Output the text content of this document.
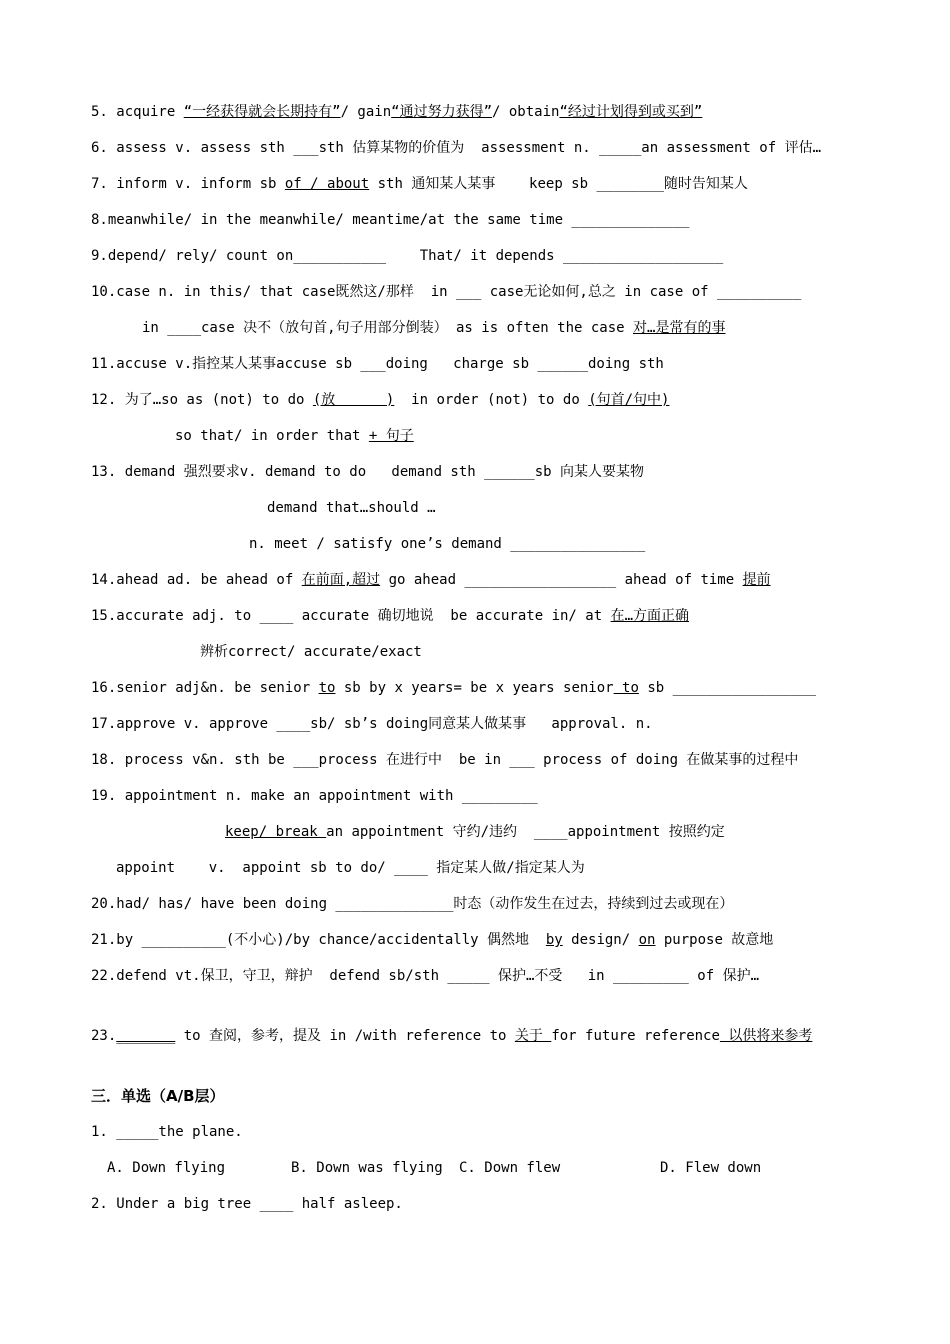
5. acquire “一经获得就会长期持有”/ gain“通过努力获得”/ obtain“经过计划得到或买到”
6. assess v. assess sth ___sth 估算某物的价值为  assessment n. _____an assessment of 评估…
7. inform v. inform sb of / about sth 通知某人某事    keep sb ________随时告知某人
8.meanwhile/ in the meanwhile/ meantime/at the same time ______________
9.depend/ rely/ count on___________    That/ it depends ___________________
10.case n. in this/ that case既然这/那样  in ___ case无论如何,总之 in case of __________
in ____case 决不（放句首,句子用部分倒装） as is often the case 对…是常有的事
11.accuse v.指控某人某事accuse sb ___doing   charge sb ______doing sth
12. 为了…so as (not) to do (放      )  in order (not) to do (句首/句中)
so that/ in order that + 句子
13. demand 强烈要求v. demand to do   demand sth ______sb 向某人要某物
demand that…should …
n. meet / satisfy one’s demand ________________
14.ahead ad. be ahead of 在前面,超过 go ahead __________________ ahead of time 提前
15.accurate adj. to ____ accurate 确切地说  be accurate in/ at 在…方面正确
辨析correct/ accurate/exact
16.senior adj&n. be senior to sb by x years= be x years senior to sb _________________
17.approve v. approve ____sb/ sb’s doing同意某人做某事   approval. n.
18. process v&n. sth be ___process 在进行中  be in ___ process of doing 在做某事的过程中
19. appointment n. make an appointment with _________
keep/ break an appointment 守约/违约  ____appointment 按照约定
appoint    v.  appoint sb to do/ ____ 指定某人做/指定某人为
20.had/ has/ have been doing ______________时态（动作发生在过去，持续到过去或现在）
21.by __________(不小心)/by chance/accidentally 偶然地  by design/ on purpose 故意地
22.defend vt.保卫，守卫，辩护  defend sb/sth _____ 保护…不受   in _________ of 保护…
23._______ to 查阅，参考，提及 in /with reference to 关于 for future reference 以供将来参考
三．单选（A/B层）
1. _____the plane.
A. Down flying	B. Down was flying C. Down flew	D. Flew down
2. Under a big tree ____ half asleep.
